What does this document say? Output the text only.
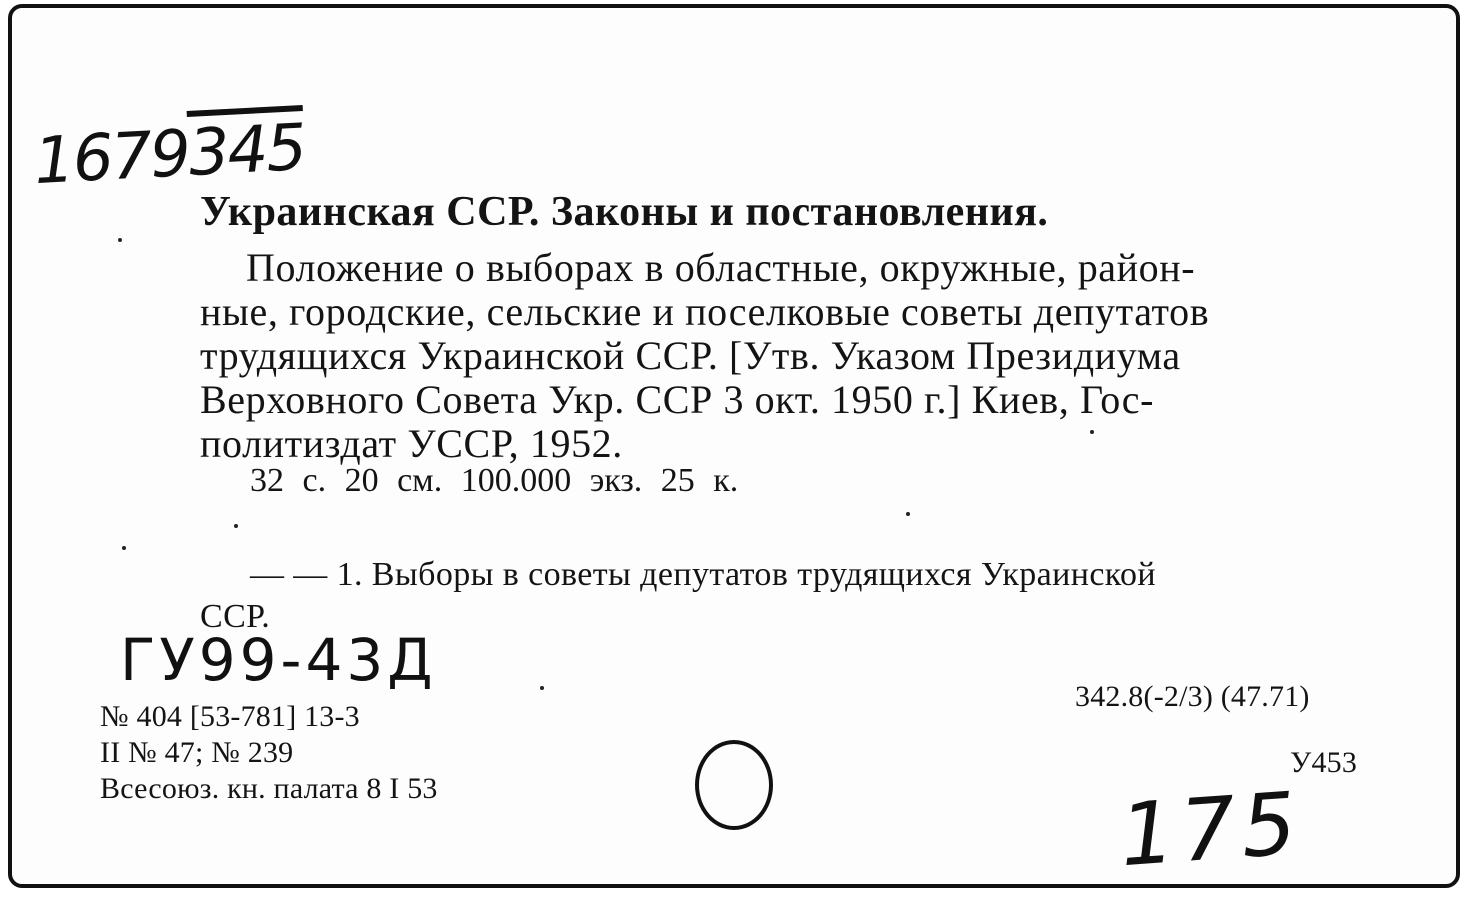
1679345

Украинская ССР. Законы и постановления.

Положение о выборах в областные, окружные, район-

ные, городские, сельские и поселковые советы депутатов

трудящихся Украинской ССР. [Утв. Указом Президиума

Верховного Совета Укр. ССР 3 окт. 1950 г.] Киев, Гос-

политиздат УССР, 1952.

32 с. 20 см. 100.000 экз. 25 к.

— — 1. Выборы в советы депутатов трудящихся Украинской

ССР.

ГУ99-43Д

№ 404 [53-781] 13-3

II № 47; № 239

Всесоюз. кн. палата 8 I 53

342.8(-2/3) (47.71)

У453

175
